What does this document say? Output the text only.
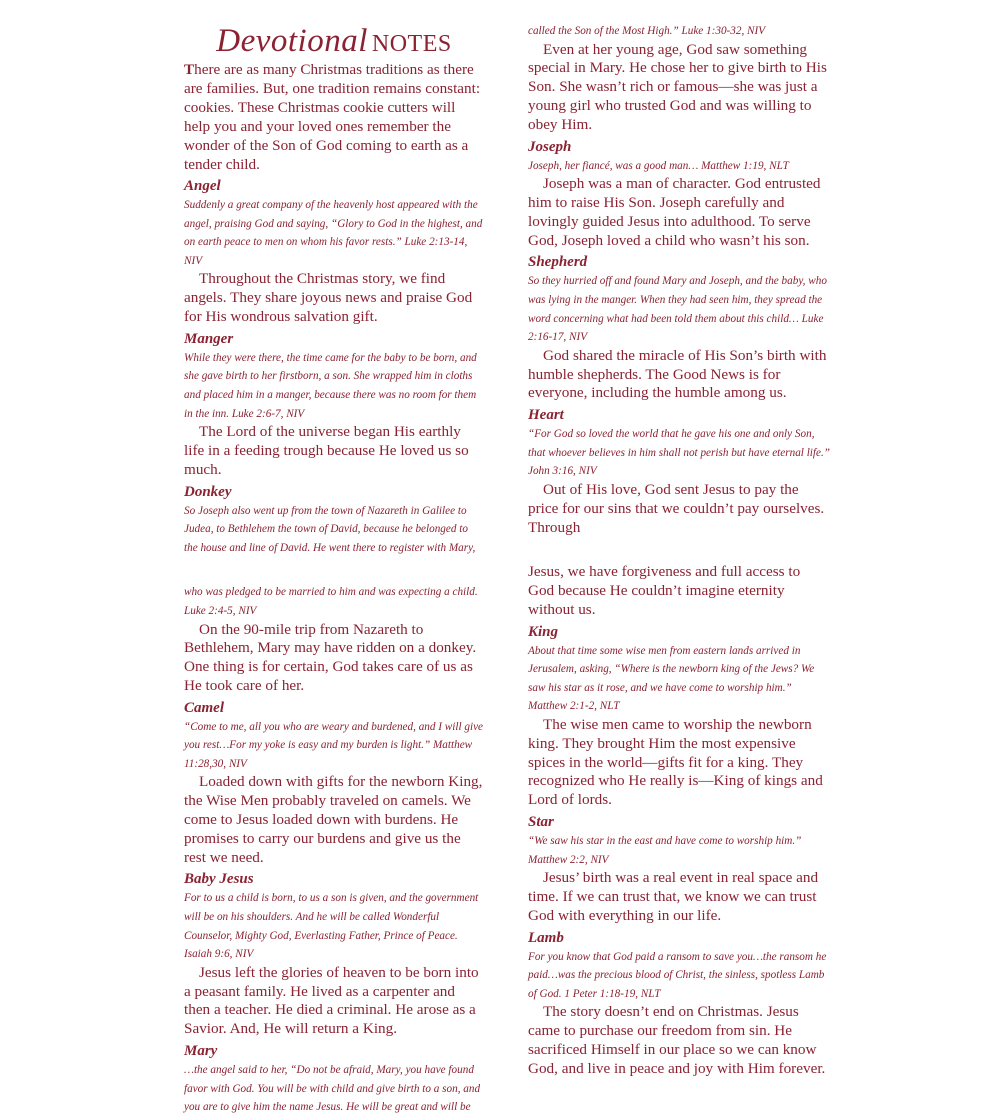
Devotional NOTES

There are as many Christmas traditions as there are families. But, one tradition remains constant: cookies. These Christmas cookie cutters will help you and your loved ones remember the wonder of the Son of God coming to earth as a tender child.

Angel

Suddenly a great company of the heavenly host appeared with the angel, praising God and saying, “Glory to God in the highest, and on earth peace to men on whom his favor rests.” Luke 2:13-14, NIV

Throughout the Christmas story, we find angels. They share joyous news and praise God for His wondrous salvation gift.

Manger

While they were there, the time came for the baby to be born, and she gave birth to her firstborn, a son. She wrapped him in cloths and placed him in a manger, because there was no room for them in the inn. Luke 2:6-7, NIV

The Lord of the universe began His earthly life in a feeding trough because He loved us so much.

Donkey

So Joseph also went up from the town of Nazareth in Galilee to Judea, to Bethlehem the town of David, because he belonged to the house and line of David. He went there to register with Mary,

who was pledged to be married to him and was expecting a child. Luke 2:4-5, NIV

On the 90-mile trip from Nazareth to Bethlehem, Mary may have ridden on a donkey. One thing is for certain, God takes care of us as He took care of her.

Camel

“Come to me, all you who are weary and burdened, and I will give you rest…For my yoke is easy and my burden is light.” Matthew 11:28,30, NIV

Loaded down with gifts for the newborn King, the Wise Men probably traveled on camels. We come to Jesus loaded down with burdens. He promises to carry our burdens and give us the rest we need.

Baby Jesus

For to us a child is born, to us a son is given, and the government will be on his shoulders. And he will be called Wonderful Counselor, Mighty God, Everlasting Father, Prince of Peace. Isaiah 9:6, NIV

Jesus left the glories of heaven to be born into a peasant family. He lived as a carpenter and then a teacher. He died a criminal. He arose as a Savior. And, He will return a King.

Mary

…the angel said to her, “Do not be afraid, Mary, you have found favor with God. You will be with child and give birth to a son, and you are to give him the name Jesus. He will be great and will be

called the Son of the Most High.” Luke 1:30-32, NIV

Even at her young age, God saw something special in Mary. He chose her to give birth to His Son. She wasn’t rich or famous—she was just a young girl who trusted God and was willing to obey Him.

Joseph

Joseph, her fiancé, was a good man… Matthew 1:19, NLT

Joseph was a man of character. God entrusted him to raise His Son. Joseph carefully and lovingly guided Jesus into adulthood. To serve God, Joseph loved a child who wasn’t his son.

Shepherd

So they hurried off and found Mary and Joseph, and the baby, who was lying in the manger. When they had seen him, they spread the word concerning what had been told them about this child… Luke 2:16-17, NIV

God shared the miracle of His Son’s birth with humble shepherds. The Good News is for everyone, including the humble among us.

Heart

“For God so loved the world that he gave his one and only Son, that whoever believes in him shall not perish but have eternal life.” John 3:16, NIV

Out of His love, God sent Jesus to pay the price for our sins that we couldn’t pay ourselves. Through

Jesus, we have forgiveness and full access to God because He couldn’t imagine eternity without us.

King

About that time some wise men from eastern lands arrived in Jerusalem, asking, “Where is the newborn king of the Jews? We saw his star as it rose, and we have come to worship him.” Matthew 2:1-2, NLT

The wise men came to worship the newborn king. They brought Him the most expensive spices in the world—gifts fit for a king. They recognized who He really is—King of kings and Lord of lords.

Star

“We saw his star in the east and have come to worship him.” Matthew 2:2, NIV

Jesus’ birth was a real event in real space and time. If we can trust that, we know we can trust God with everything in our life.

Lamb

For you know that God paid a ransom to save you…the ransom he paid…was the precious blood of Christ, the sinless, spotless Lamb of God. 1 Peter 1:18-19, NLT

The story doesn’t end on Christmas. Jesus came to purchase our freedom from sin. He sacrificed Himself in our place so we can know God, and live in peace and joy with Him forever.
